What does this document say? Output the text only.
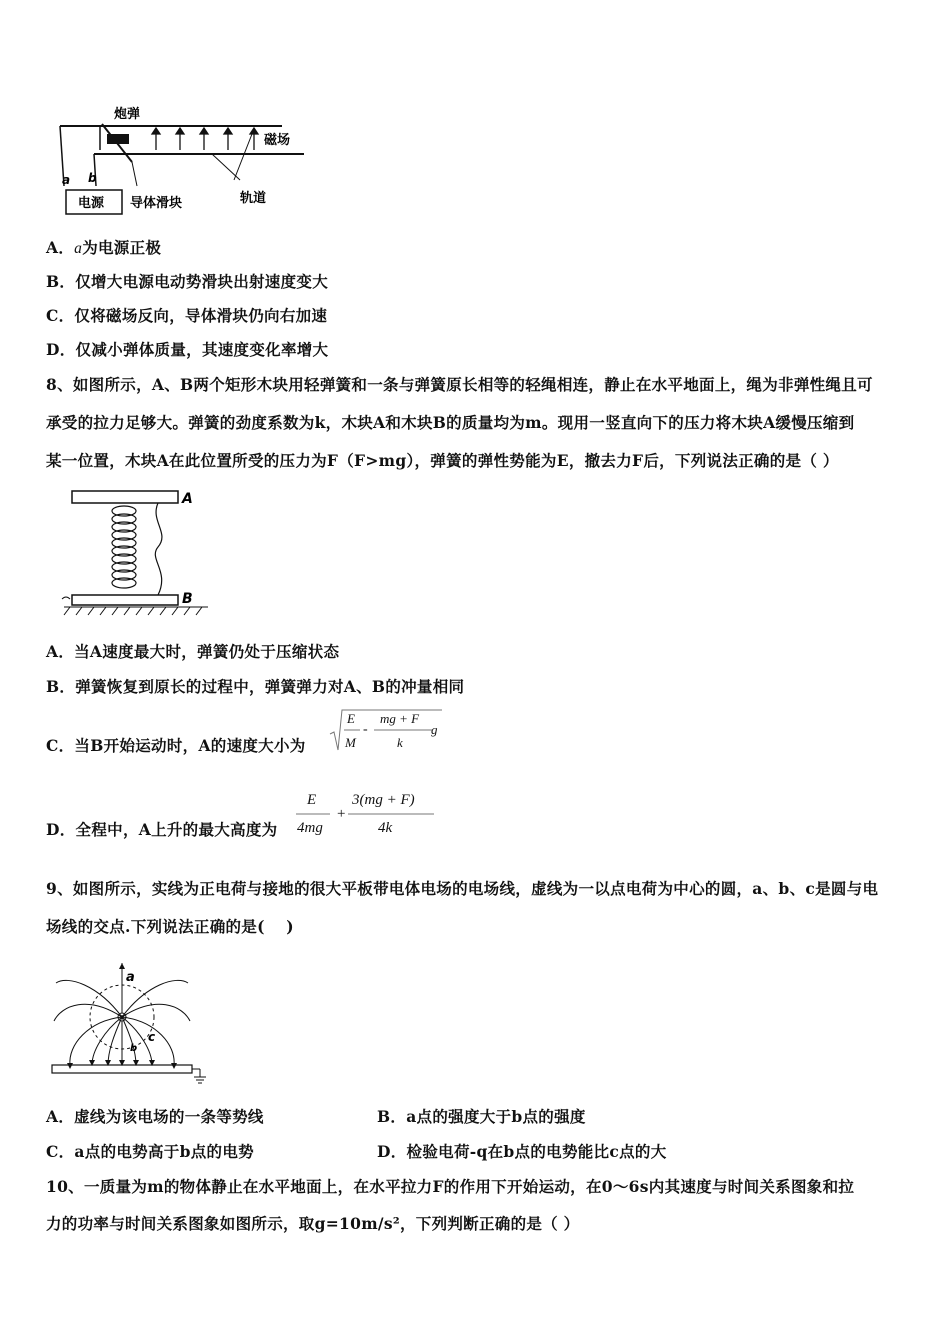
炮弹
磁场
a b
电源 导体滑块	轨道
A．a为电源正极
B．仅增大电源电动势滑块出射速度变大
C．仅将磁场反向，导体滑块仍向右加速
D．仅减小弹体质量，其速度变化率增大
8、如图所示，A、B两个矩形木块用轻弹簧和一条与弹簧原长相等的轻绳相连，静止在水平地面上，绳为非弹性绳且可
承受的拉力足够大。弹簧的劲度系数为k，木块A和木块B的质量均为m。现用一竖直向下的压力将木块A缓慢压缩到
某一位置，木块A在此位置所受的压力为F（F>mg），弹簧的弹性势能为E，撤去力F后，下列说法正确的是（ ）
A
B
A．当A速度最大时，弹簧仍处于压缩状态
B．弹簧恢复到原长的过程中，弹簧弹力对A、B的冲量相同
C．当B开始运动时，A的速度大小为
E
M
-
mg + F
k
g
D．全程中，A上升的最大高度为
E
4mg
+
3(mg + F)
4k
9、如图所示，实线为正电荷与接地的很大平板带电体电场的电场线，虚线为一以点电荷为中心的圆，a、b、c是圆与电
场线的交点.下列说法正确的是(　 )
a
b
c
A．虚线为该电场的一条等势线	B．a点的强度大于b点的强度
C．a点的电势高于b点的电势	D．检验电荷-q在b点的电势能比c点的大
10、一质量为m的物体静止在水平地面上，在水平拉力F的作用下开始运动，在0～6s内其速度与时间关系图象和拉
力的功率与时间关系图象如图所示，取g=10m/s²，下列判断正确的是（ ）
